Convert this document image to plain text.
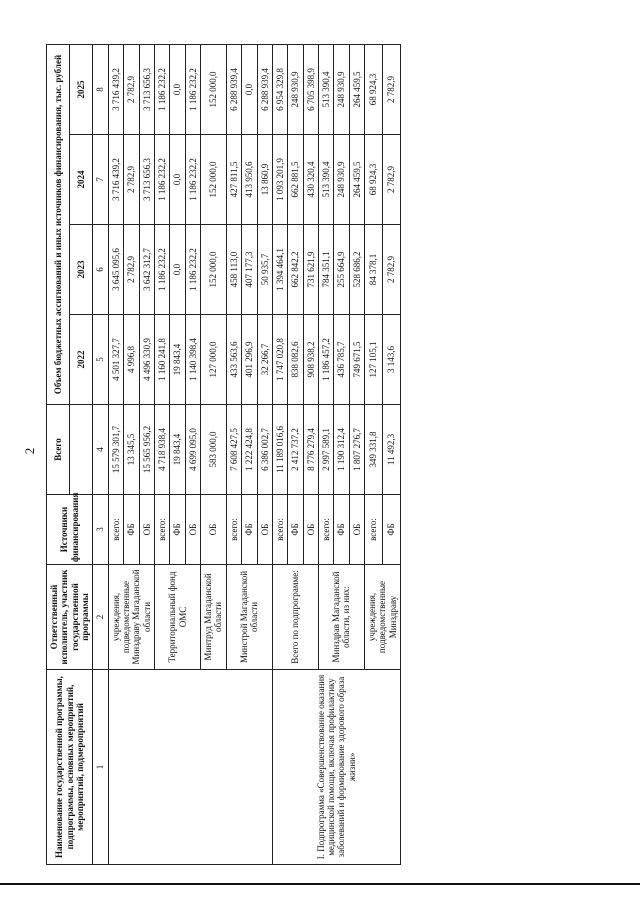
2
Наименование государственной программы, подпрограммы, основных мероприятий, мероприятий, подмероприятий	Ответственный исполнитель, участник государственной программы	Источники финансирования	Всего	Объем бюджетных ассигнований и иных источников финансирования, тыс. рублей			
				2022	2023	2024	2025
1	2	3	4	5	6	7	8
	учреждения, подведомственные Минздраву Магаданской области	всего:	15 579 301,7	4 501 327,7	3 645 095,6	3 716 439,2	3 716 439,2
		ФБ	13 345,5	4 996,8	2 782,9	2 782,9	2 782,9
		ОБ	15 565 956,2	4 496 330,9	3 642 312,7	3 713 656,3	3 713 656,3
	Территориальный фонд ОМС	всего:	4 718 938,4	1 160 241,8	1 186 232,2	1 186 232,2	1 186 232,2
		ФБ	19 843,4	19 843,4	0,0	0,0	0,0
		ОБ	4 699 095,0	1 140 398,4	1 186 232,2	1 186 232,2	1 186 232,2
	Минтруд Магаданской области	ОБ	583 000,0	127 000,0	152 000,0	152 000,0	152 000,0
	Минстрой Магаданской области	всего:	7 608 427,5	433 563,6	458 113,0	427 811,5	6 288 939,4
		ФБ	1 222 424,8	401 296,9	407 177,3	413 950,6	0,0
		ОБ	6 386 002,7	32 266,7	50 935,7	13 860,9	6 288 939,4
I. Подпрограмма «Совершенствование оказания медицинской помощи, включая профилактику заболеваний и формирование здорового образа жизни»	Всего по подпрограмме:	всего:	11 189 016,6	1 747 020,8	1 394 464,1	1 093 201,9	6 954 329,8
		ФБ	2 412 737,2	838 082,6	662 842,2	662 881,5	248 930,9
		ОБ	8 776 279,4	908 938,2	731 621,9	430 320,4	6 705 398,9
	Минздрав Магаданской области, из них:	всего:	2 997 589,1	1 186 457,2	784 351,1	513 390,4	513 390,4
		ФБ	1 190 312,4	436 785,7	255 664,9	248 930,9	248 930,9
		ОБ	1 807 276,7	749 671,5	528 686,2	264 459,5	264 459,5
	учреждения, подведомственные Минздраву	всего:	349 331,8	127 105,1	84 378,1	68 924,3	68 924,3
		ФБ	11 492,3	3 143,6	2 782,9	2 782,9	2 782,9
